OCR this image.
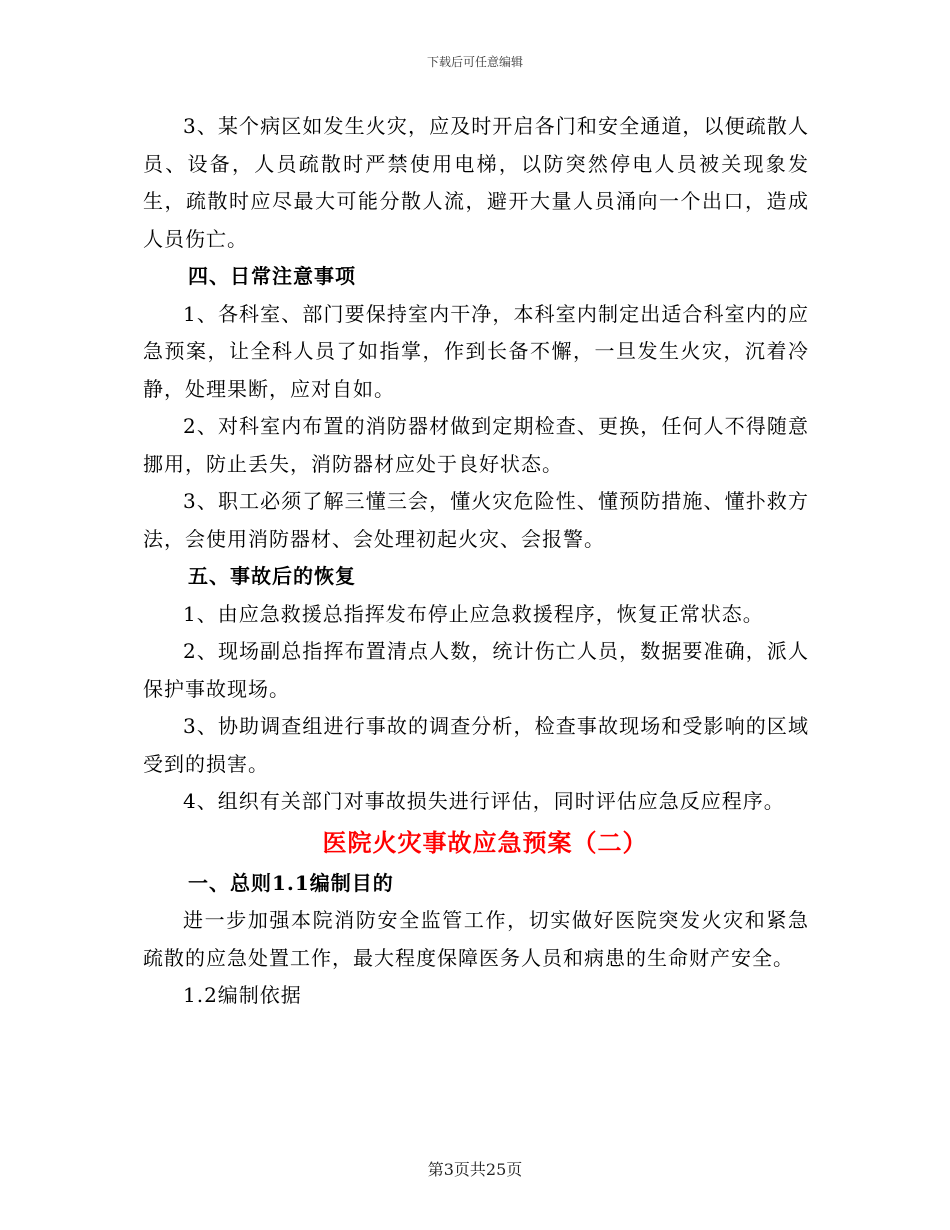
下载后可任意编辑

3、某个病区如发生火灾，应及时开启各门和安全通道，以便疏散人员、设备，人员疏散时严禁使用电梯，以防突然停电人员被关现象发生，疏散时应尽最大可能分散人流，避开大量人员涌向一个出口，造成人员伤亡。

四、日常注意事项

1、各科室、部门要保持室内干净，本科室内制定出适合科室内的应急预案，让全科人员了如指掌，作到长备不懈，一旦发生火灾，沉着冷静，处理果断，应对自如。

2、对科室内布置的消防器材做到定期检查、更换，任何人不得随意挪用，防止丢失，消防器材应处于良好状态。

3、职工必须了解三懂三会，懂火灾危险性、懂预防措施、懂扑救方法，会使用消防器材、会处理初起火灾、会报警。

五、事故后的恢复

1、由应急救援总指挥发布停止应急救援程序，恢复正常状态。

2、现场副总指挥布置清点人数，统计伤亡人员，数据要准确，派人保护事故现场。

3、协助调查组进行事故的调查分析，检查事故现场和受影响的区域受到的损害。

4、组织有关部门对事故损失进行评估，同时评估应急反应程序。

医院火灾事故应急预案（二）

一、总则1.1编制目的

进一步加强本院消防安全监管工作，切实做好医院突发火灾和紧急疏散的应急处置工作，最大程度保障医务人员和病患的生命财产安全。

1.2编制依据

第3页共25页
